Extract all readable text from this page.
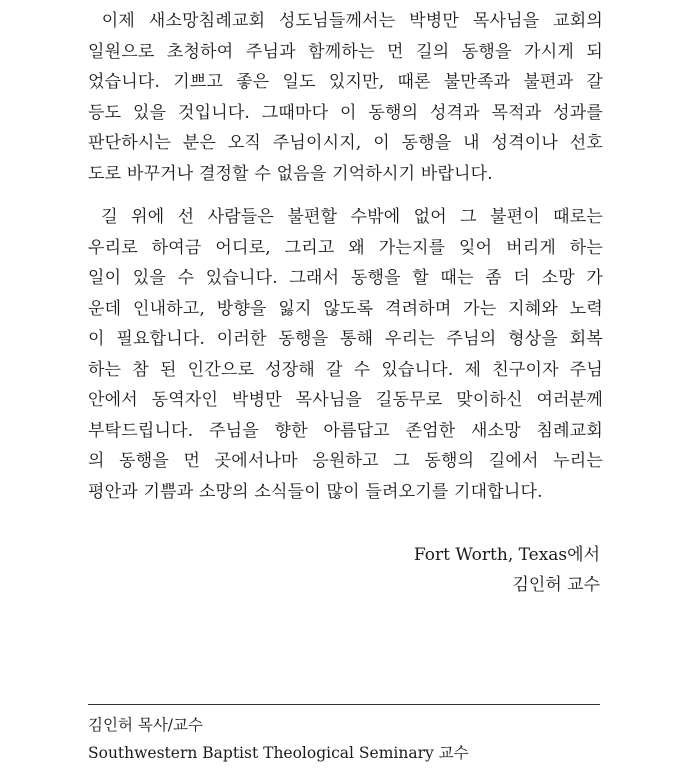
이제 새소망침례교회 성도님들께서는 박병만 목사님을 교회의
일원으로 초청하여 주님과 함께하는 먼 길의 동행을 가시게 되
었습니다. 기쁘고 좋은 일도 있지만, 때론 불만족과 불편과 갈
등도 있을 것입니다. 그때마다 이 동행의 성격과 목적과 성과를
판단하시는 분은 오직 주님이시지, 이 동행을 내 성격이나 선호
도로 바꾸거나 결정할 수 없음을 기억하시기 바랍니다.
길 위에 선 사람들은 불편할 수밖에 없어 그 불편이 때로는
우리로 하여금 어디로, 그리고 왜 가는지를 잊어 버리게 하는
일이 있을 수 있습니다. 그래서 동행을 할 때는 좀 더 소망 가
운데 인내하고, 방향을 잃지 않도록 격려하며 가는 지혜와 노력
이 필요합니다. 이러한 동행을 통해 우리는 주님의 형상을 회복
하는 참 된 인간으로 성장해 갈 수 있습니다. 제 친구이자 주님
안에서 동역자인 박병만 목사님을 길동무로 맞이하신 여러분께
부탁드립니다. 주님을 향한 아름답고 존엄한 새소망 침례교회
의 동행을 먼 곳에서나마 응원하고 그 동행의 길에서 누리는
평안과 기쁨과 소망의 소식들이 많이 들려오기를 기대합니다.
Fort Worth, Texas에서
김인허 교수
김인허 목사/교수
Southwestern Baptist Theological Seminary 교수
